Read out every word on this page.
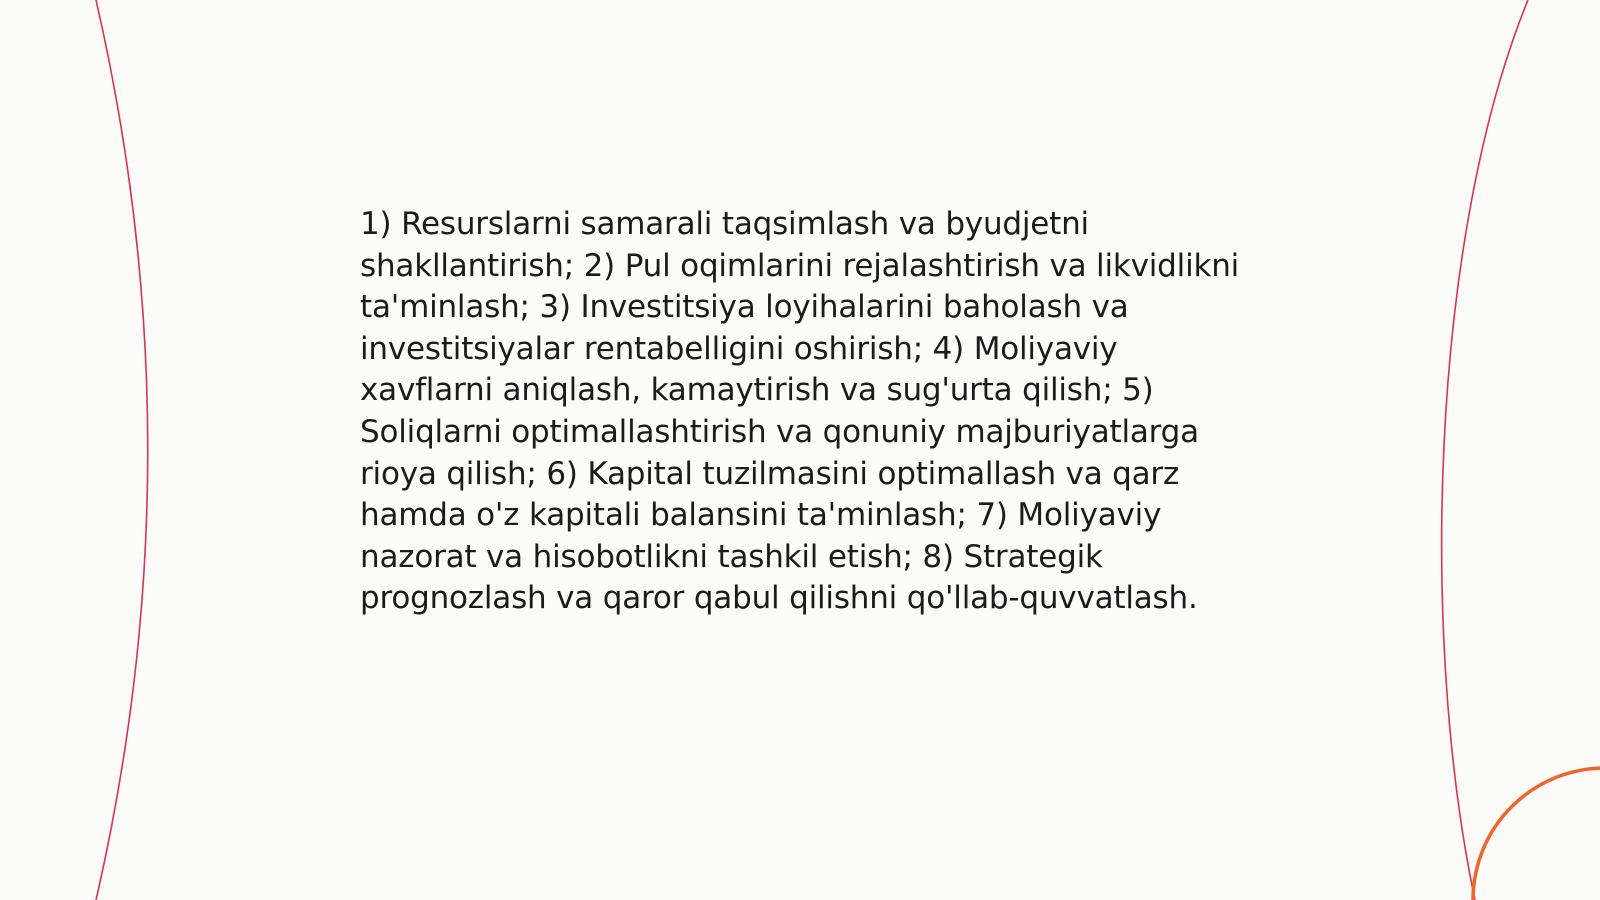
1) Resurslarni samarali taqsimlash va byudjetni shakllantirish; 2) Pul oqimlarini rejalashtirish va likvidlikni ta'minlash; 3) Investitsiya loyihalarini baholash va investitsiyalar rentabelligini oshirish; 4) Moliyaviy xavflarni aniqlash, kamaytirish va sug'urta qilish; 5) Soliqlarni optimallashtirish va qonuniy majburiyatlarga rioya qilish; 6) Kapital tuzilmasini optimallash va qarz hamda o'z kapitali balansini ta'minlash; 7) Moliyaviy nazorat va hisobotlikni tashkil etish; 8) Strategik prognozlash va qaror qabul qilishni qo'llab-quvvatlash.
